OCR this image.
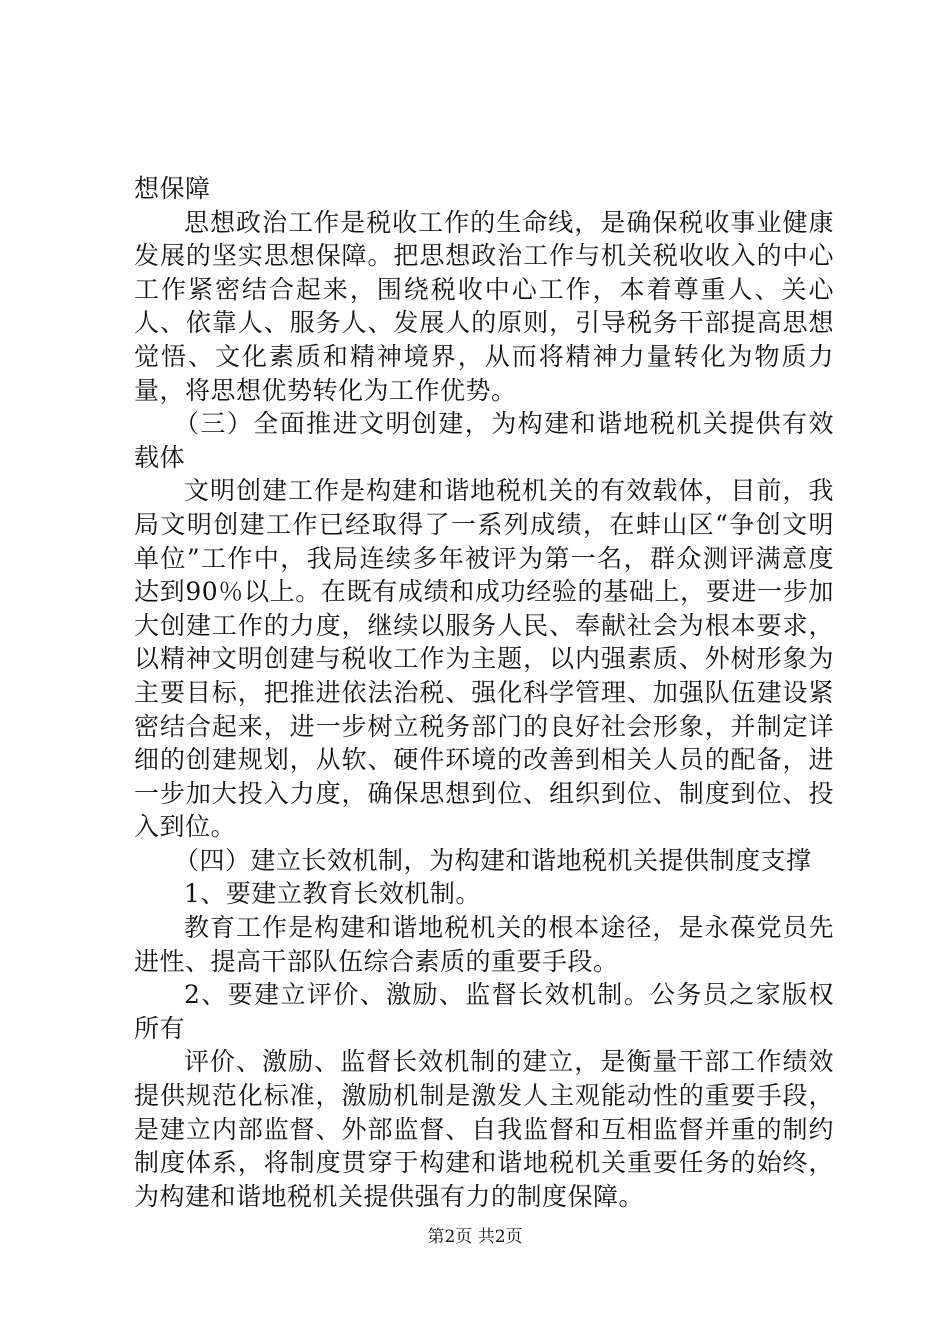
想保障

思想政治工作是税收工作的生命线，是确保税收事业健康发展的坚实思想保障。把思想政治工作与机关税收收入的中心工作紧密结合起来，围绕税收中心工作，本着尊重人、关心人、依靠人、服务人、发展人的原则，引导税务干部提高思想觉悟、文化素质和精神境界，从而将精神力量转化为物质力量，将思想优势转化为工作优势。

（三）全面推进文明创建，为构建和谐地税机关提供有效载体

文明创建工作是构建和谐地税机关的有效载体，目前，我局文明创建工作已经取得了一系列成绩，在蚌山区“争创文明单位”工作中，我局连续多年被评为第一名，群众测评满意度达到90％以上。在既有成绩和成功经验的基础上，要进一步加大创建工作的力度，继续以服务人民、奉献社会为根本要求，以精神文明创建与税收工作为主题，以内强素质、外树形象为主要目标，把推进依法治税、强化科学管理、加强队伍建设紧密结合起来，进一步树立税务部门的良好社会形象，并制定详细的创建规划，从软、硬件环境的改善到相关人员的配备，进一步加大投入力度，确保思想到位、组织到位、制度到位、投入到位。

（四）建立长效机制，为构建和谐地税机关提供制度支撑

1、要建立教育长效机制。

教育工作是构建和谐地税机关的根本途径，是永葆党员先进性、提高干部队伍综合素质的重要手段。

2、要建立评价、激励、监督长效机制。公务员之家版权所有

评价、激励、监督长效机制的建立，是衡量干部工作绩效提供规范化标准，激励机制是激发人主观能动性的重要手段，是建立内部监督、外部监督、自我监督和互相监督并重的制约制度体系，将制度贯穿于构建和谐地税机关重要任务的始终，为构建和谐地税机关提供强有力的制度保障。

第2页 共2页
